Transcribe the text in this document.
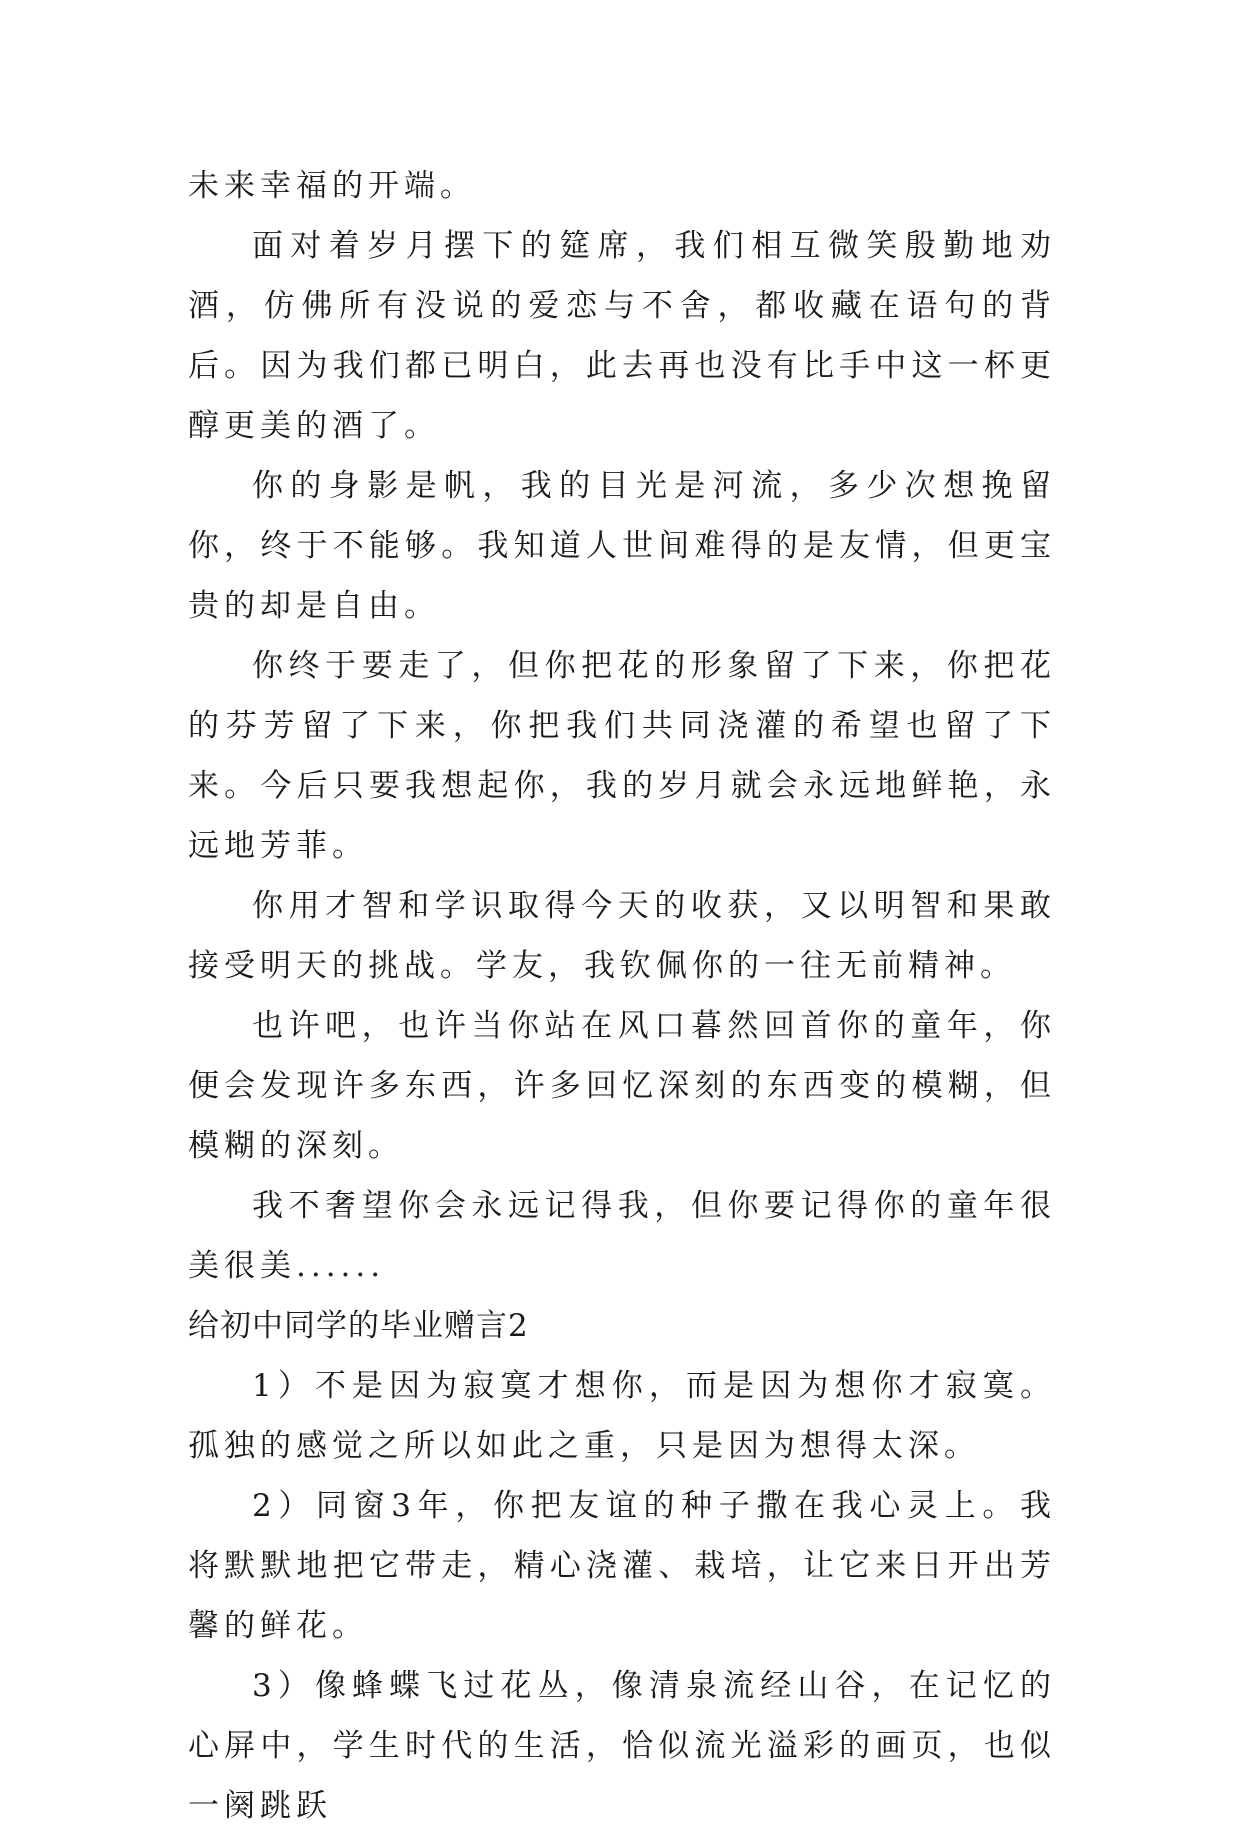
未来幸福的开端。

面对着岁月摆下的筵席，我们相互微笑殷勤地劝酒，仿佛所有没说的爱恋与不舍，都收藏在语句的背后。因为我们都已明白，此去再也没有比手中这一杯更醇更美的酒了。

你的身影是帆，我的目光是河流，多少次想挽留你，终于不能够。我知道人世间难得的是友情，但更宝贵的却是自由。

你终于要走了，但你把花的形象留了下来，你把花的芬芳留了下来，你把我们共同浇灌的希望也留了下来。今后只要我想起你，我的岁月就会永远地鲜艳，永远地芳菲。

你用才智和学识取得今天的收获，又以明智和果敢接受明天的挑战。学友，我钦佩你的一往无前精神。

也许吧，也许当你站在风口暮然回首你的童年，你便会发现许多东西，许多回忆深刻的东西变的模糊，但模糊的深刻。

我不奢望你会永远记得我，但你要记得你的童年很美很美......

给初中同学的毕业赠言2

1）不是因为寂寞才想你，而是因为想你才寂寞。孤独的感觉之所以如此之重，只是因为想得太深。

2）同窗3年，你把友谊的种子撒在我心灵上。我将默默地把它带走，精心浇灌、栽培，让它来日开出芳馨的鲜花。

3）像蜂蝶飞过花丛，像清泉流经山谷，在记忆的心屏中，学生时代的生活，恰似流光溢彩的画页，也似一阕跳跃
